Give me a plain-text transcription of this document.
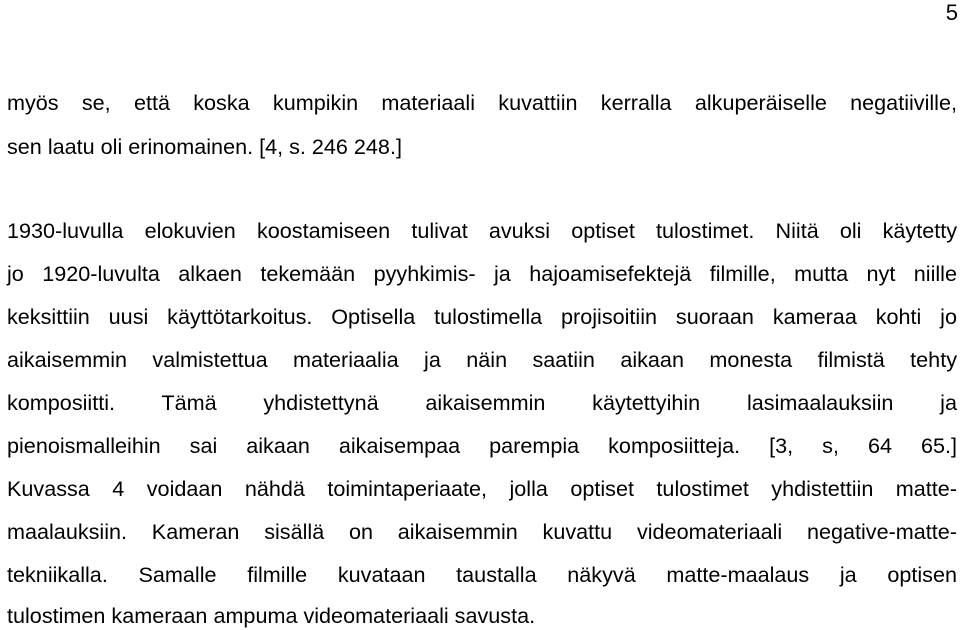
5
myös se, että koska kumpikin materiaali kuvattiin kerralla alkuperäiselle negatiiville,
sen laatu oli erinomainen. [4, s. 246 248.]
1930-luvulla elokuvien koostamiseen tulivat avuksi optiset tulostimet. Niitä oli käytetty
jo 1920-luvulta alkaen tekemään pyyhkimis- ja hajoamisefektejä filmille, mutta nyt niille
keksittiin uusi käyttötarkoitus. Optisella tulostimella projisoitiin suoraan kameraa kohti jo
aikaisemmin valmistettua materiaalia ja näin saatiin aikaan monesta filmistä tehty
komposiitti. Tämä yhdistettynä aikaisemmin käytettyihin lasimaalauksiin ja
pienoismalleihin sai aikaan aikaisempaa parempia komposiitteja. [3, s, 64 65.]
Kuvassa 4 voidaan nähdä toimintaperiaate, jolla optiset tulostimet yhdistettiin matte-
maalauksiin. Kameran sisällä on aikaisemmin kuvattu videomateriaali negative-matte-
tekniikalla. Samalle filmille kuvataan taustalla näkyvä matte-maalaus ja optisen
tulostimen kameraan ampuma videomateriaali savusta.
